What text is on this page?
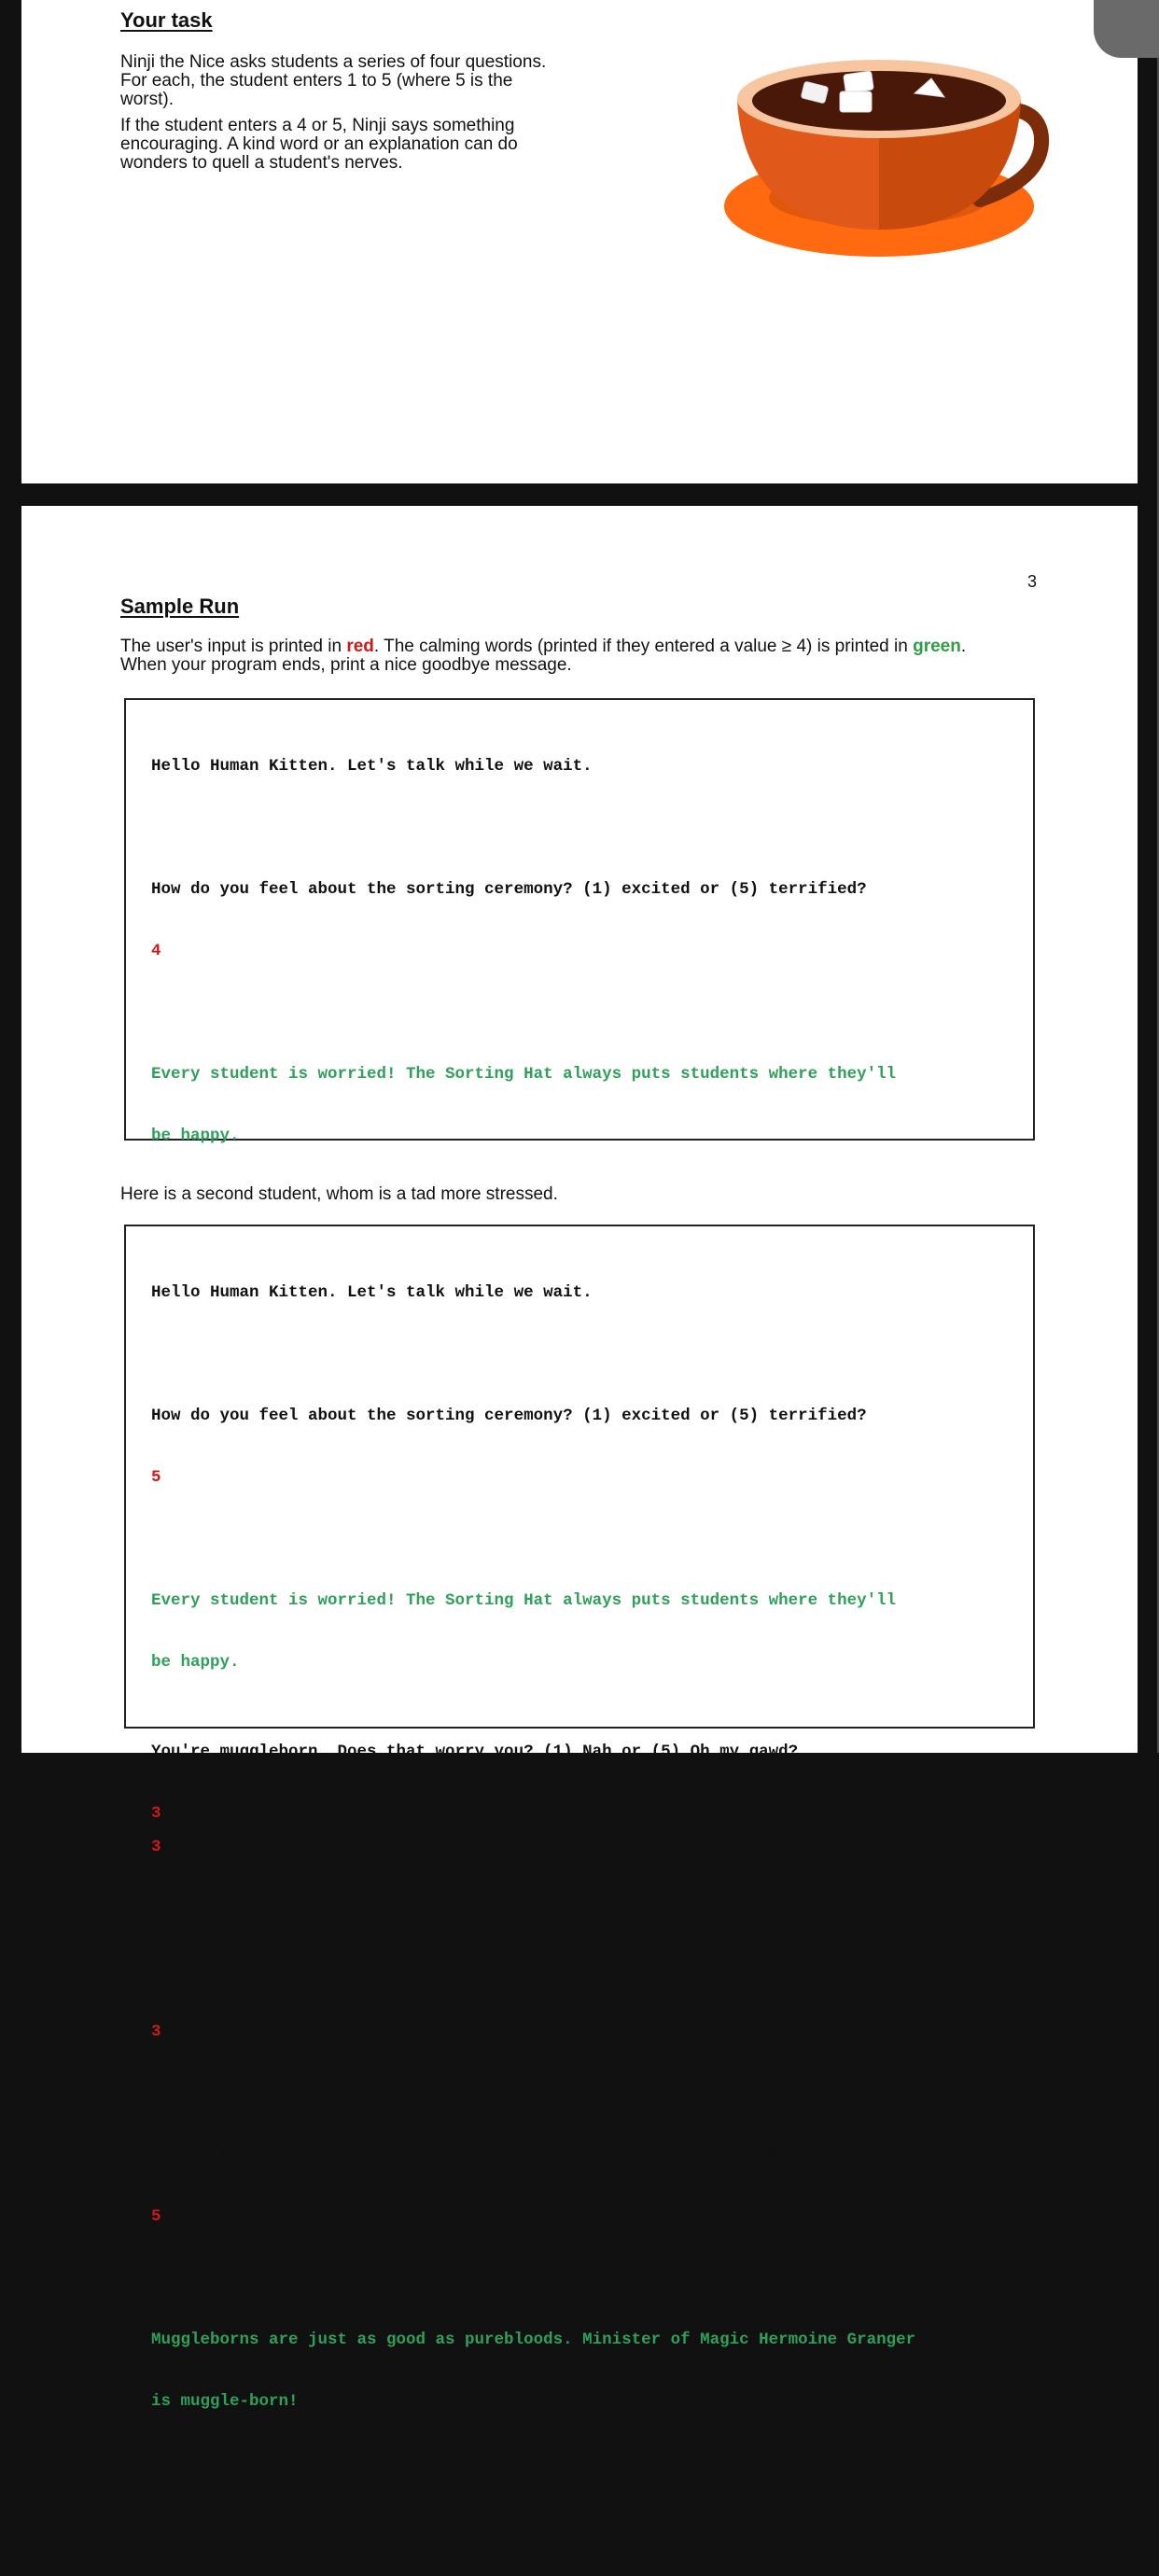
Your task

Ninji the Nice asks students a series of four questions. For each, the student enters 1 to 5 (where 5 is the worst).

If the student enters a 4 or 5, Ninji says something encouraging. A kind word or an explanation can do wonders to quell a student's nerves.

3
Sample Run

The user's input is printed in red. The calming words (printed if they entered a value ≥ 4) is printed in green.
When your program ends, print a nice goodbye message.

Hello Human Kitten. Let's talk while we wait.

How do you feel about the sorting ceremony? (1) excited or (5) terrified?

4

Every student is worried! The Sorting Hat always puts students where they'll

be happy.

You're muggleborn. Does that worry you? (1) Nah or (5) Oh my gawd?

3

Here, have some nice hot cocoa and good luck with your Sorting!

Here is a second student, whom is a tad more stressed.

Hello Human Kitten. Let's talk while we wait.

How do you feel about the sorting ceremony? (1) excited or (5) terrified?

5

Every student is worried! The Sorting Hat always puts students where they'll

be happy.

Are you worried about friends? (1) No, I'm popular or (5) I'll be an outcast?

3

How about potions? (1) I will be good or (5) I'll blow up the classroom?

3

You're muggleborn. Does that worry you? (1) Nah or (5) Oh my gawd?

5

Muggleborns are just as good as purebloods. Minister of Magic Hermoine Granger

is muggle-born!

Here, have some nice hot cocoa and good luck with your Sorting!
